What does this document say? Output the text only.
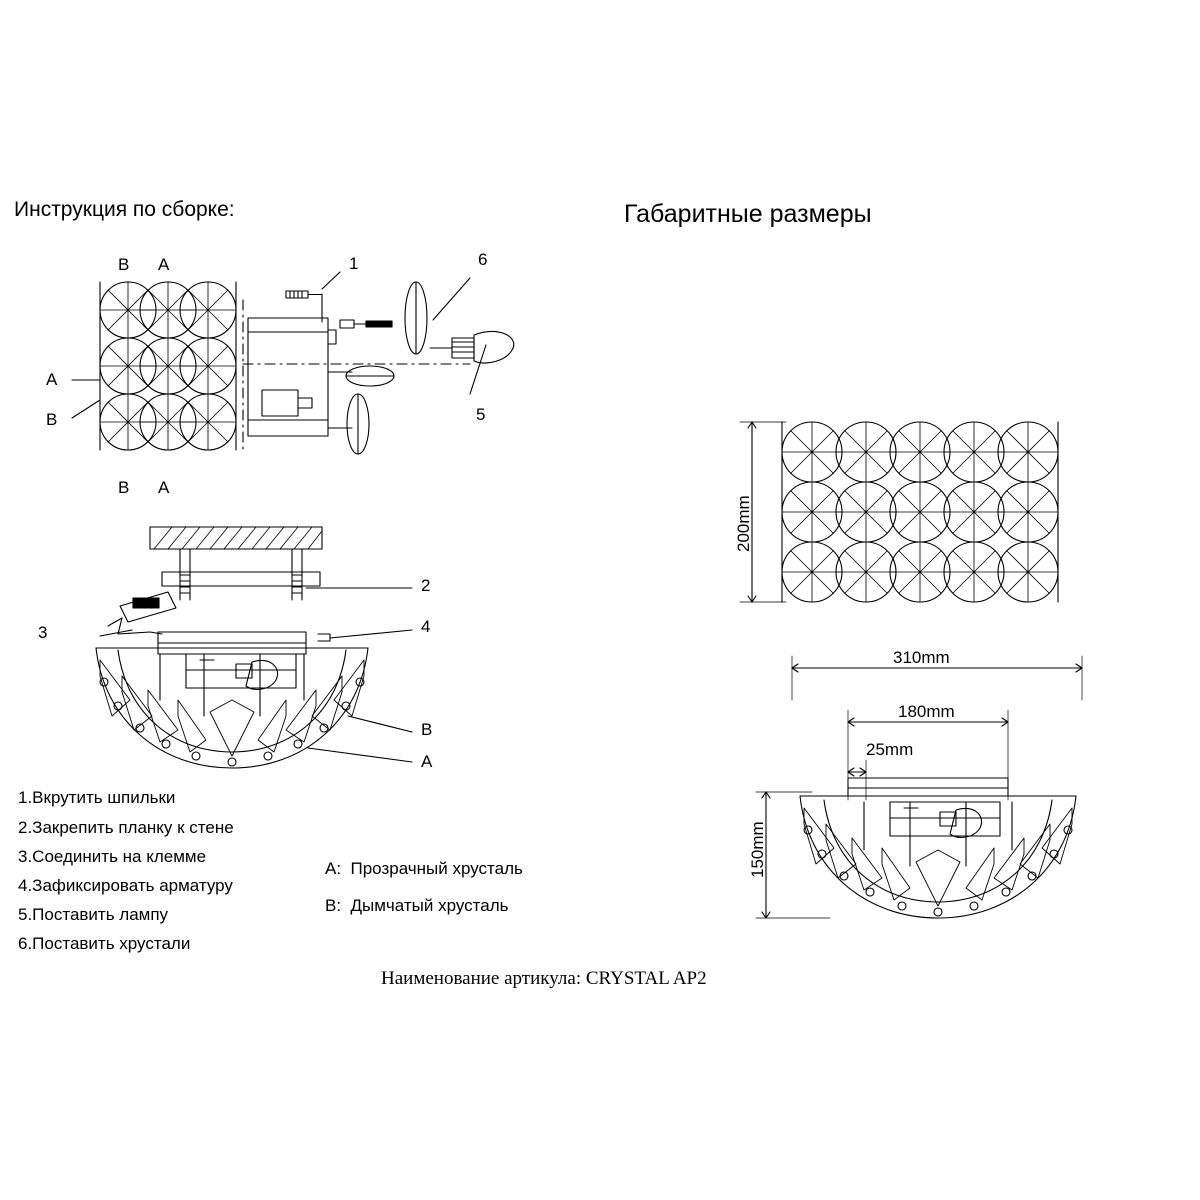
Инструкция по сборке:	Габаритные размеры
1	6
5
A
B
A
B
A
B
2
3	4
B
A
1.Вкрутить шпильки
2.Закрепить планку к стене
3.Соединить на клемме
4.Зафиксировать арматуру
5.Поставить лампу
6.Поставить хрустали
A:  Прозрачный хрусталь
B:  Дымчатый хрусталь
200mm
310mm
180mm
25mm
150mm
Наименование артикула: CRYSTAL AP2
